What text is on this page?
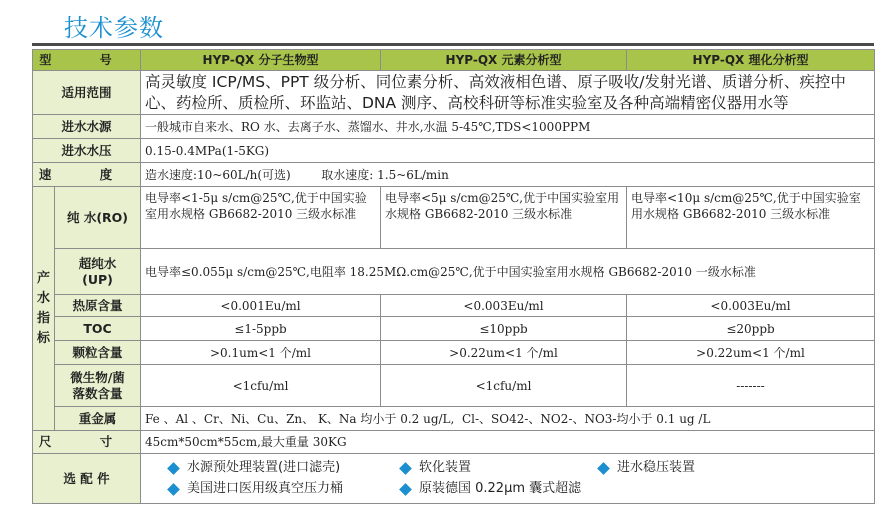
技术参数
型 号		HYP-QX 分子生物型	HYP-QX 元素分析型	HYP-QX 理化分析型
适用范围		高灵敏度 ICP/MS、PPT 级分析、同位素分析、高效液相色谱、原子吸收/发射光谱、质谱分析、疾控中心、药检所、质检所、环监站、DNA 测序、高校科研等标准实验室及各种高端精密仪器用水等		
进水水源		一般城市自来水、RO 水、去离子水、蒸馏水、井水,水温 5-45℃,TDS<1000PPM		
进水水压		0.15-0.4MPa(1-5KG)		
速 度		造水速度:10~60L/h(可选)        取水速度: 1.5~6L/min		

产
水
指
标	纯 水(RO)	电导率<1-5μ s/cm@25℃,优于中国实验室用水规格 GB6682-2010 三级水标准	电导率<5μ s/cm@25℃,优于中国实验室用水规格 GB6682-2010 三级水标准	电导率<10μ s/cm@25℃,优于中国实验室用水规格 GB6682-2010 三级水标准

	超纯水
(UP)	电导率≤0.055μ s/cm@25℃,电阻率 18.25MΩ.cm@25℃,优于中国实验室用水规格 GB6682-2010 一级水标准		
	热原含量	<0.001Eu/ml	<0.003Eu/ml	<0.003Eu/ml
	TOC	≤1-5ppb	≤10ppb	≤20ppb
	颗粒含量	>0.1um<1 个/ml	>0.22um<1 个/ml	>0.22um<1 个/ml

	微生物/菌
落数含量	<1cfu/ml	<1cfu/ml	-------
	重金属	Fe 、Al 、Cr、Ni、Cu、Zn、 K、Na 均小于 0.2 ug/L,  Cl-、SO42-、NO2-、NO3-均小于 0.1 ug /L		
尺 寸		45cm*50cm*55cm,最大重量 30KG		
选 配 件		水源预处理装置(进口滤壳) 软化装置 进水稳压装置
美国进口医用级真空压力桶 原装德国 0.22μm 囊式超滤		
